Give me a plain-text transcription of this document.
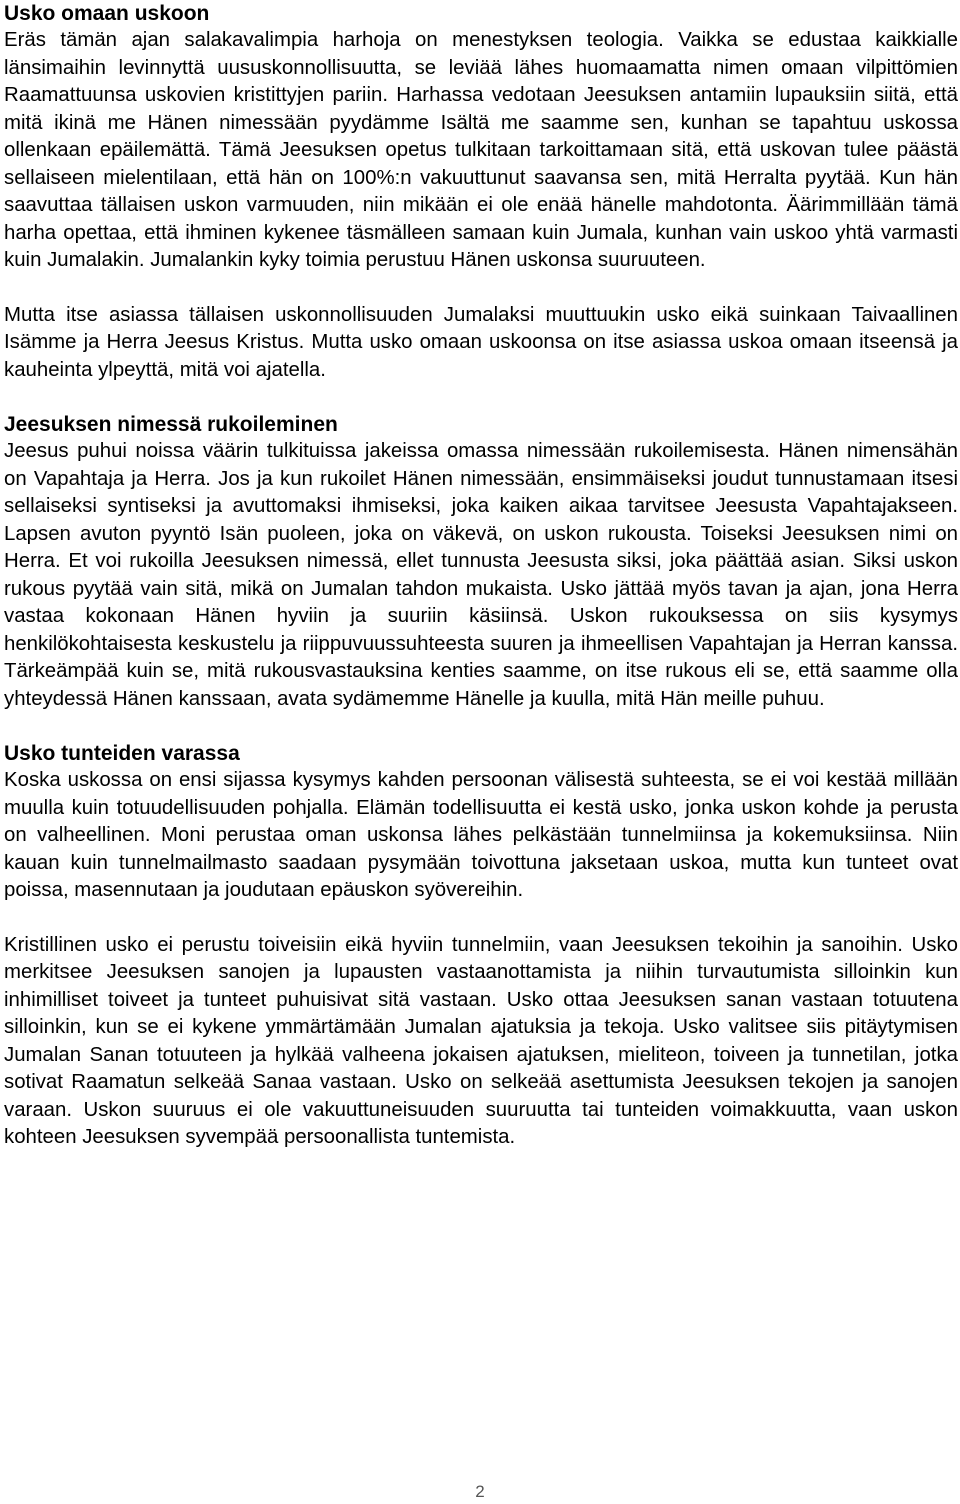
Usko omaan uskoon

Eräs tämän ajan salakavalimpia harhoja on menestyksen teologia. Vaikka se edustaa kaikkialle länsimaihin levinnyttä uususkonnollisuutta, se leviää lähes huomaamatta nimen omaan vilpittömien Raamattuunsa uskovien kristittyjen pariin. Harhassa vedotaan Jeesuksen antamiin lupauksiin siitä, että mitä ikinä me Hänen nimessään pyydämme Isältä me saamme sen, kunhan se tapahtuu uskossa ollenkaan epäilemättä. Tämä Jeesuksen opetus tulkitaan tarkoittamaan sitä, että uskovan tulee päästä sellaiseen mielentilaan, että hän on 100%:n vakuuttunut saavansa sen, mitä Herralta pyytää. Kun hän saavuttaa tällaisen uskon varmuuden, niin mikään ei ole enää hänelle mahdotonta. Äärimmillään tämä harha opettaa, että ihminen kykenee täsmälleen samaan kuin Jumala, kunhan vain uskoo yhtä varmasti kuin Jumalakin. Jumalankin kyky toimia perustuu Hänen uskonsa suuruuteen.

Mutta itse asiassa tällaisen uskonnollisuuden Jumalaksi muuttuukin usko eikä suinkaan Taivaallinen Isämme ja Herra Jeesus Kristus. Mutta usko omaan uskoonsa on itse asiassa uskoa omaan itseensä ja kauheinta ylpeyttä, mitä voi ajatella.

Jeesuksen nimessä rukoileminen

Jeesus puhui noissa väärin tulkituissa jakeissa omassa nimessään rukoilemisesta. Hänen nimensähän on Vapahtaja ja Herra. Jos ja kun rukoilet Hänen nimessään, ensimmäiseksi joudut tunnustamaan itsesi sellaiseksi syntiseksi ja avuttomaksi ihmiseksi, joka kaiken aikaa tarvitsee Jeesusta Vapahtajakseen. Lapsen avuton pyyntö Isän puoleen, joka on väkevä, on uskon rukousta. Toiseksi Jeesuksen nimi on Herra. Et voi rukoilla Jeesuksen nimessä, ellet tunnusta Jeesusta siksi, joka päättää asian. Siksi uskon rukous pyytää vain sitä, mikä on Jumalan tahdon mukaista. Usko jättää myös tavan ja ajan, jona Herra vastaa kokonaan Hänen hyviin ja suuriin käsiinsä. Uskon rukouksessa on siis kysymys henkilökohtaisesta keskustelu ja riippuvuussuhteesta suuren ja ihmeellisen Vapahtajan ja Herran kanssa. Tärkeämpää kuin se, mitä rukousvastauksina kenties saamme, on itse rukous eli se, että saamme olla yhteydessä Hänen kanssaan, avata sydämemme Hänelle ja kuulla, mitä Hän meille puhuu.

Usko tunteiden varassa

Koska uskossa on ensi sijassa kysymys kahden persoonan välisestä suhteesta, se ei voi kestää millään muulla kuin totuudellisuuden pohjalla. Elämän todellisuutta ei kestä usko, jonka uskon kohde ja perusta on valheellinen. Moni perustaa oman uskonsa lähes pelkästään tunnelmiinsa ja kokemuksiinsa. Niin kauan kuin tunnelmailmasto saadaan pysymään toivottuna jaksetaan uskoa, mutta kun tunteet ovat poissa, masennutaan ja joudutaan epäuskon syövereihin.

Kristillinen usko ei perustu toiveisiin eikä hyviin tunnelmiin, vaan Jeesuksen tekoihin ja sanoihin. Usko merkitsee Jeesuksen sanojen ja lupausten vastaanottamista ja niihin turvautumista silloinkin kun inhimilliset toiveet ja tunteet puhuisivat sitä vastaan. Usko ottaa Jeesuksen sanan vastaan totuutena silloinkin, kun se ei kykene ymmärtämään Jumalan ajatuksia ja tekoja. Usko valitsee siis pitäytymisen Jumalan Sanan totuuteen ja hylkää valheena jokaisen ajatuksen, mieliteon, toiveen ja tunnetilan, jotka sotivat Raamatun selkeää Sanaa vastaan. Usko on selkeää asettumista Jeesuksen tekojen ja sanojen varaan. Uskon suuruus ei ole vakuuttuneisuuden suuruutta tai tunteiden voimakkuutta, vaan uskon kohteen Jeesuksen syvempää persoonallista tuntemista.

2
